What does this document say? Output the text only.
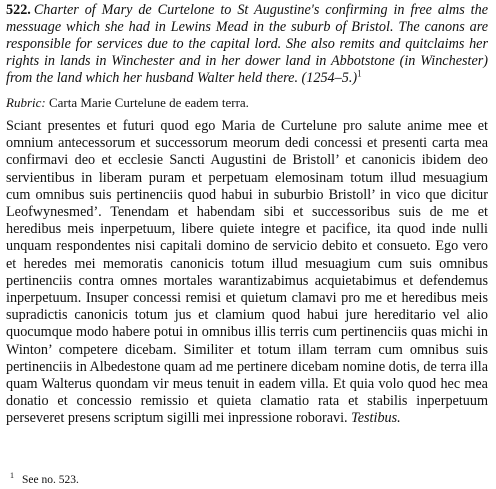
522. Charter of Mary de Curtelone to St Augustine's confirming in free alms the messuage which she had in Lewins Mead in the suburb of Bristol. The canons are responsible for services due to the capital lord. She also remits and quitclaims her rights in lands in Winchester and in her dower land in Abbotstone (in Winchester) from the land which her husband Walter held there. $(1254-5.)^1$

Rubric: Carta Marie Curtelune de eadem terra.

Sciant presentes et futuri quod ego Maria de Curtelune pro salute anime mee et omnium antecessorum et successorum meorum dedi concessi et presenti carta mea confirmavi deo et ecclesie Sancti Augustini de Bristoll’ et canonicis ibidem deo servientibus in liberam puram et perpetuam elemosinam totum illud mesuagium cum omnibus suis pertinenciis quod habui in suburbio Bristoll’ in vico que dicitur Leofwynesmed’. Tenendam et habendam sibi et successoribus suis de me et heredibus meis inperpetuum, libere quiete integre et pacifice, ita quod inde nulli unquam respondentes nisi capitali domino de servicio debito et consueto. Ego vero et heredes mei memoratis canonicis totum illud mesuagium cum suis omnibus pertinenciis contra omnes mortales warantizabimus acquietabimus et defendemus inperpetuum. Insuper concessi remisi et quietum clamavi pro me et heredibus meis supradictis canonicis totum jus et clamium quod habui jure hereditario vel alio quocumque modo habere potui in omnibus illis terris cum pertinenciis quas michi in Winton’ competere dicebam. Similiter et totum illam terram cum omnibus suis pertinenciis in Albedestone quam ad me pertinere dicebam nomine dotis, de terra illa quam Walterus quondam vir meus tenuit in eadem villa. Et quia volo quod hec mea donatio et concessio remissio et quieta clamatio rata et stabilis inperpetuum perseveret presens scriptum sigilli mei inpressione roboravi. Testibus.

$^1$ See no. 523.
